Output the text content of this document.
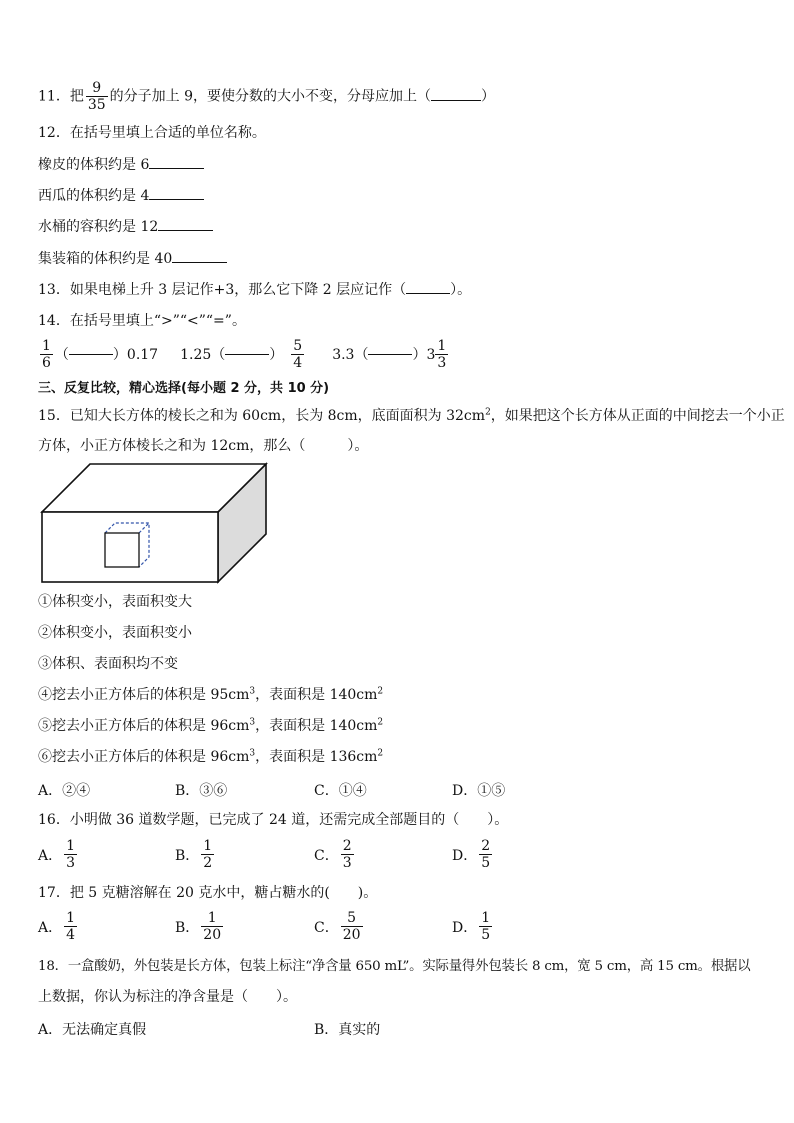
11．把 $\frac{9}{35}$ 的分子加上 9，要使分数的大小不变，分母应加上（	）
12．在括号里填上合适的单位名称。
橡皮的体积约是 6
西瓜的体积约是 4
水桶的容积约是 12
集装箱的体积约是 40
13．如果电梯上升 3 层记作+3，那么它下降 2 层应记作（	）。
14．在括号里填上“>”“<”“=”。
$\frac{1}{6}$ （	）0.17 1.25（	） $\frac{5}{4} 3.3$（	）$3 \frac{1}{3}$
三、反复比较，精心选择(每小题 2 分，共 10 分)
15．已知大长方体的棱长之和为 60cm，长为 8cm，底面面积为 $32cm^2$，如果把这个长方体从正面的中间挖去一个小正
方体，小正方体棱长之和为 12cm，那么（　　　）。
①体积变小，表面积变大
②体积变小，表面积变小
③体积、表面积均不变
④挖去小正方体后的体积是 $95cm^3$，表面积是 $140cm^2$
⑤挖去小正方体后的体积是 $96cm^3$，表面积是 $140cm^2$
⑥挖去小正方体后的体积是 $96cm^3$，表面积是 $136cm^2$
A．②④	B．③⑥	C．①④	D．①⑤
16．小明做 36 道数学题，已完成了 24 道，还需完成全部题目的（　　）。
A． $\frac{1}{3}$	B． $\frac{1}{2}$	C． $\frac{2}{3}$	D． $\frac{2}{5}$
17．把 5 克糖溶解在 20 克水中，糖占糖水的(　　)。
A． $\frac{1}{4}$	B． $\frac{1}{20}$	C． $\frac{5}{20}$	D． $\frac{1}{5}$
18．一盒酸奶，外包装是长方体，包装上标注“净含量 650 mL”。实际量得外包装长 8 cm，宽 5 cm，高 15 cm。根据以
上数据，你认为标注的净含量是（　　）。
A．无法确定真假	B．真实的
